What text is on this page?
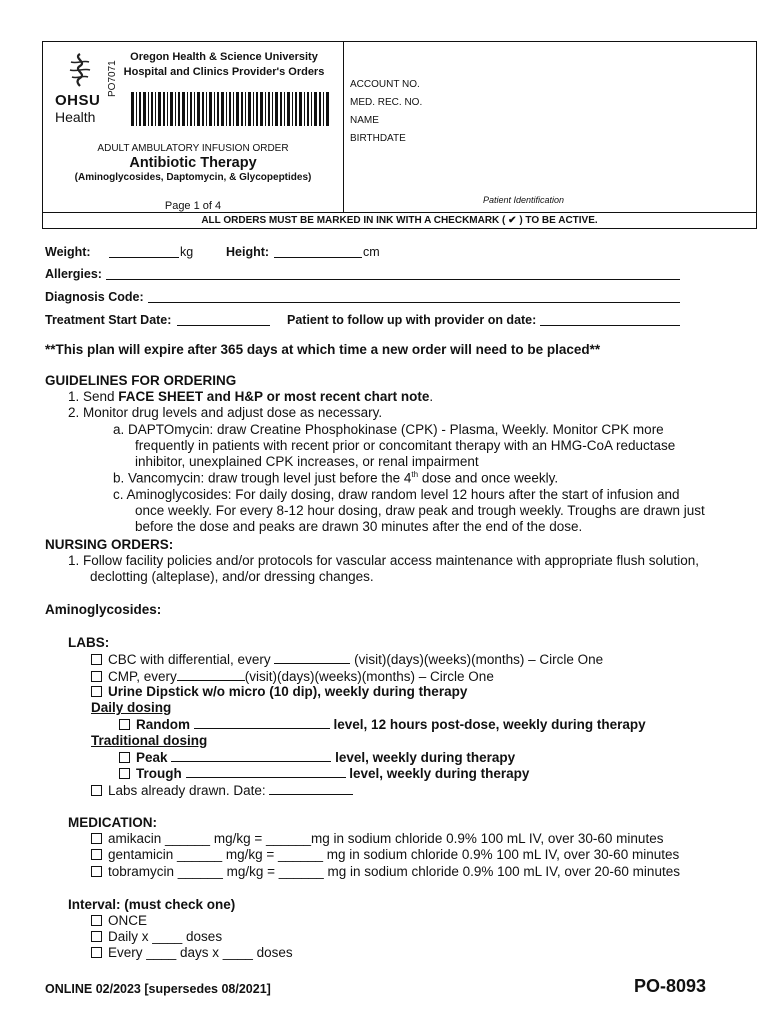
OHSU
Health
PO7071
Oregon Health & Science University
Hospital and Clinics Provider's Orders
ADULT AMBULATORY INFUSION ORDER
Antibiotic Therapy
(Aminoglycosides, Daptomycin, & Glycopeptides)
Page 1 of 4
ACCOUNT NO.
MED. REC. NO.
NAME
BIRTHDATE
Patient Identification
ALL ORDERS MUST BE MARKED IN INK WITH A CHECKMARK ( ✔ ) TO BE ACTIVE.
Weight:	kg	Height:	cm
Allergies:
Diagnosis Code:
Treatment Start Date:	Patient to follow up with provider on date:
**This plan will expire after 365 days at which time a new order will need to be placed**
GUIDELINES FOR ORDERING
1. Send FACE SHEET and H&P or most recent chart note.
2. Monitor drug levels and adjust dose as necessary.
a. DAPTOmycin: draw Creatine Phosphokinase (CPK) - Plasma, Weekly. Monitor CPK more
frequently in patients with recent prior or concomitant therapy with an HMG-CoA reductase
inhibitor, unexplained CPK increases, or renal impairment
b. Vancomycin: draw trough level just before the 4th dose and once weekly.
c. Aminoglycosides: For daily dosing, draw random level 12 hours after the start of infusion and
once weekly. For every 8-12 hour dosing, draw peak and trough weekly. Troughs are drawn just
before the dose and peaks are drawn 30 minutes after the end of the dose.
NURSING ORDERS:
1. Follow facility policies and/or protocols for vascular access maintenance with appropriate flush solution,
declotting (alteplase), and/or dressing changes.
Aminoglycosides:
LABS:
CBC with differential, every	(visit)(days)(weeks)(months) – Circle One
CMP, every	(visit)(days)(weeks)(months) – Circle One
Urine Dipstick w/o micro (10 dip), weekly during therapy
Daily dosing
Random	level, 12 hours post-dose, weekly during therapy
Traditional dosing
Peak	level, weekly during therapy
Trough	level, weekly during therapy
Labs already drawn. Date:
MEDICATION:
amikacin ______ mg/kg = ______mg in sodium chloride 0.9% 100 mL IV, over 30-60 minutes
gentamicin ______ mg/kg = ______ mg in sodium chloride 0.9% 100 mL IV, over 30-60 minutes
tobramycin ______ mg/kg = ______ mg in sodium chloride 0.9% 100 mL IV, over 20-60 minutes
Interval: (must check one)
ONCE
Daily x ____ doses
Every ____ days x ____ doses
ONLINE 02/2023 [supersedes 08/2021]	PO-8093
